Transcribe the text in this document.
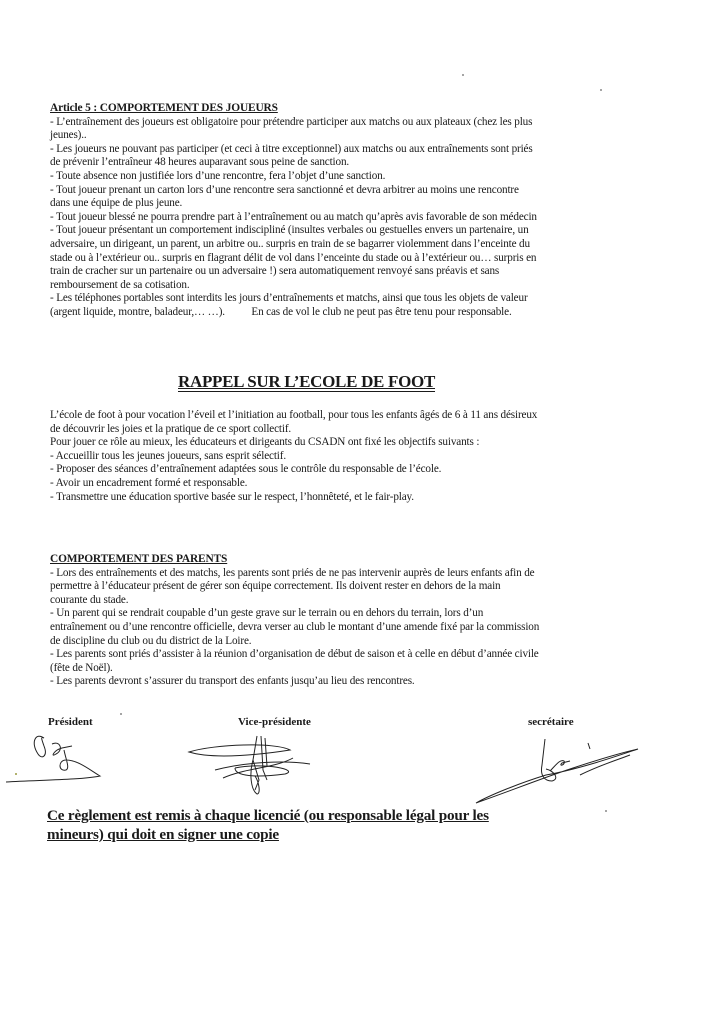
Article 5 : COMPORTEMENT DES JOUEURS
- L’entraînement des joueurs est obligatoire pour prétendre participer aux matchs ou aux plateaux (chez les plus
jeunes)..
- Les joueurs ne pouvant pas participer (et ceci à titre exceptionnel) aux matchs ou aux entraînements sont priés
de prévenir l’entraîneur 48 heures auparavant sous peine de sanction.
- Toute absence non justifiée lors d’une rencontre, fera l’objet d’une sanction.
- Tout joueur prenant un carton lors d’une rencontre sera sanctionné et devra arbitrer au moins une rencontre
dans une équipe de plus jeune.
- Tout joueur blessé ne pourra prendre part à l’entraînement ou au match qu’après avis favorable de son médecin
- Tout joueur présentant un comportement indiscipliné (insultes verbales ou gestuelles envers un partenaire, un
adversaire, un dirigeant, un parent, un arbitre ou.. surpris en train de se bagarrer violemment dans l’enceinte du
stade ou à l’extérieur ou.. surpris en flagrant délit de vol dans l’enceinte du stade ou à l’extérieur ou… surpris en
train de cracher sur un partenaire ou un adversaire !) sera automatiquement renvoyé sans préavis et sans
remboursement de sa cotisation.
- Les téléphones portables sont interdits les jours d’entraînements et matchs, ainsi que tous les objets de valeur
(argent liquide, montre, baladeur,… …).          En cas de vol le club ne peut pas être tenu pour responsable.
RAPPEL SUR L’ECOLE DE FOOT
L’école de foot à pour vocation l’éveil et l’initiation au football, pour tous les enfants âgés de 6 à 11 ans désireux
de découvrir les joies et la pratique de ce sport collectif.
Pour jouer ce rôle au mieux, les éducateurs et dirigeants du CSADN ont fixé les objectifs suivants :
- Accueillir tous les jeunes joueurs, sans esprit sélectif.
- Proposer des séances d’entraînement adaptées sous le contrôle du responsable de l’école.
- Avoir un encadrement formé et responsable.
- Transmettre une éducation sportive basée sur le respect, l’honnêteté, et le fair-play.
COMPORTEMENT DES PARENTS
- Lors des entraînements et des matchs, les parents sont priés de ne pas intervenir auprès de leurs enfants afin de
permettre à l’éducateur présent de gérer son équipe correctement. Ils doivent rester en dehors de la main
courante du stade.
- Un parent qui se rendrait coupable d’un geste grave sur le terrain ou en dehors du terrain, lors d’un
entraînement ou d’une rencontre officielle, devra verser au club le montant d’une amende fixé par la commission
de discipline du club ou du district de la Loire.
- Les parents sont priés d’assister à la réunion d’organisation de début de saison et à celle en début d’année civile
(fête de Noël).
- Les parents devront s’assurer du transport des enfants jusqu’au lieu des rencontres.
Président	Vice-présidente	secrétaire
Ce règlement est remis à chaque licencié (ou responsable légal pour les
mineurs) qui doit en signer une copie
